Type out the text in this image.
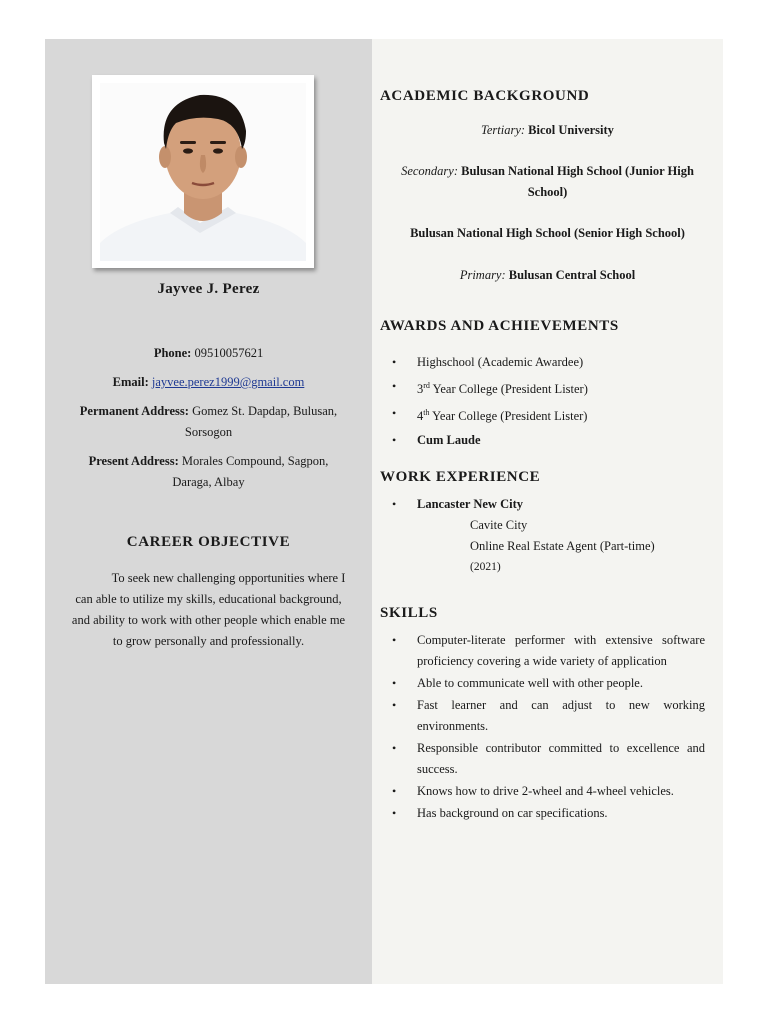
Jayvee J. Perez
Phone: 09510057621
Email: jayvee.perez1999@gmail.com
Permanent Address: Gomez St. Dapdap, Bulusan,
Sorsogon
Present Address: Morales Compound, Sagpon,
Daraga, Albay
CAREER OBJECTIVE
To seek new challenging opportunities where I
can able to utilize my skills, educational background,
and ability to work with other people which enable me
to grow personally and professionally.
ACADEMIC BACKGROUND
Tertiary: Bicol University
Secondary: Bulusan National High School (Junior High
School)
Bulusan National High School (Senior High School)
Primary: Bulusan Central School
AWARDS AND ACHIEVEMENTS
• Highschool (Academic Awardee)
• 3rd Year College (President Lister)
• 4th Year College (President Lister)
• Cum Laude
WORK EXPERIENCE
• Lancaster New City
Cavite City
Online Real Estate Agent (Part-time)
(2021)
SKILLS
• Computer-literate performer with extensive software proficiency covering a wide variety of application
• Able to communicate well with other people.
• Fast learner and can adjust to new working environments.
• Responsible contributor committed to excellence and success.
• Knows how to drive 2-wheel and 4-wheel vehicles.
• Has background on car specifications.
